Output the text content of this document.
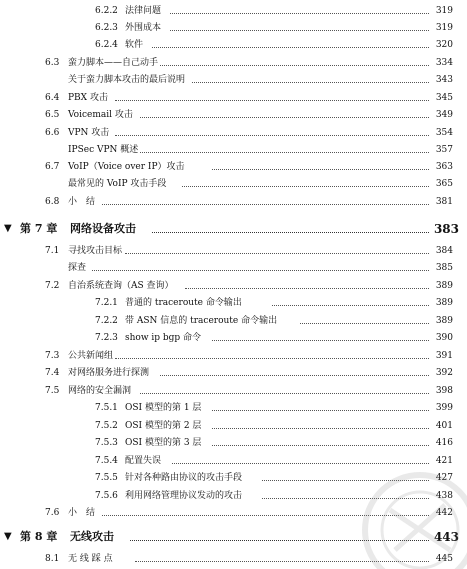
6.2.2 法律问题	319
6.2.3 外围成本	319
6.2.4 软件	320
6.3 蛮力脚本——自己动手	334
关于蛮力脚本攻击的最后说明	343
6.4 PBX 攻击	345
6.5 Voicemail 攻击	349
6.6 VPN 攻击	354
IPSec VPN 概述	357
6.7 VoIP（Voice over IP）攻击	363
最常见的 VoIP 攻击手段	365
6.8 小　结	381
▼ 第 7 章 网络设备攻击	383
7.1 寻找攻击目标	384
探查	385
7.2 自治系统查询（AS 查询）	389
7.2.1 普通的 traceroute 命令输出	389
7.2.2 带 ASN 信息的 traceroute 命令输出	389
7.2.3 show ip bgp 命令	390
7.3 公共新闻组	391
7.4 对网络服务进行探测	392
7.5 网络的安全漏洞	398
7.5.1 OSI 模型的第 1 层	399
7.5.2 OSI 模型的第 2 层	401
7.5.3 OSI 模型的第 3 层	416
7.5.4 配置失误	421
7.5.5 针对各种路由协议的攻击手段	427
7.5.6 利用网络管理协议发动的攻击	438
7.6 小　结	442
▼ 第 8 章 无线攻击	443
8.1 无 线 踩 点	445
